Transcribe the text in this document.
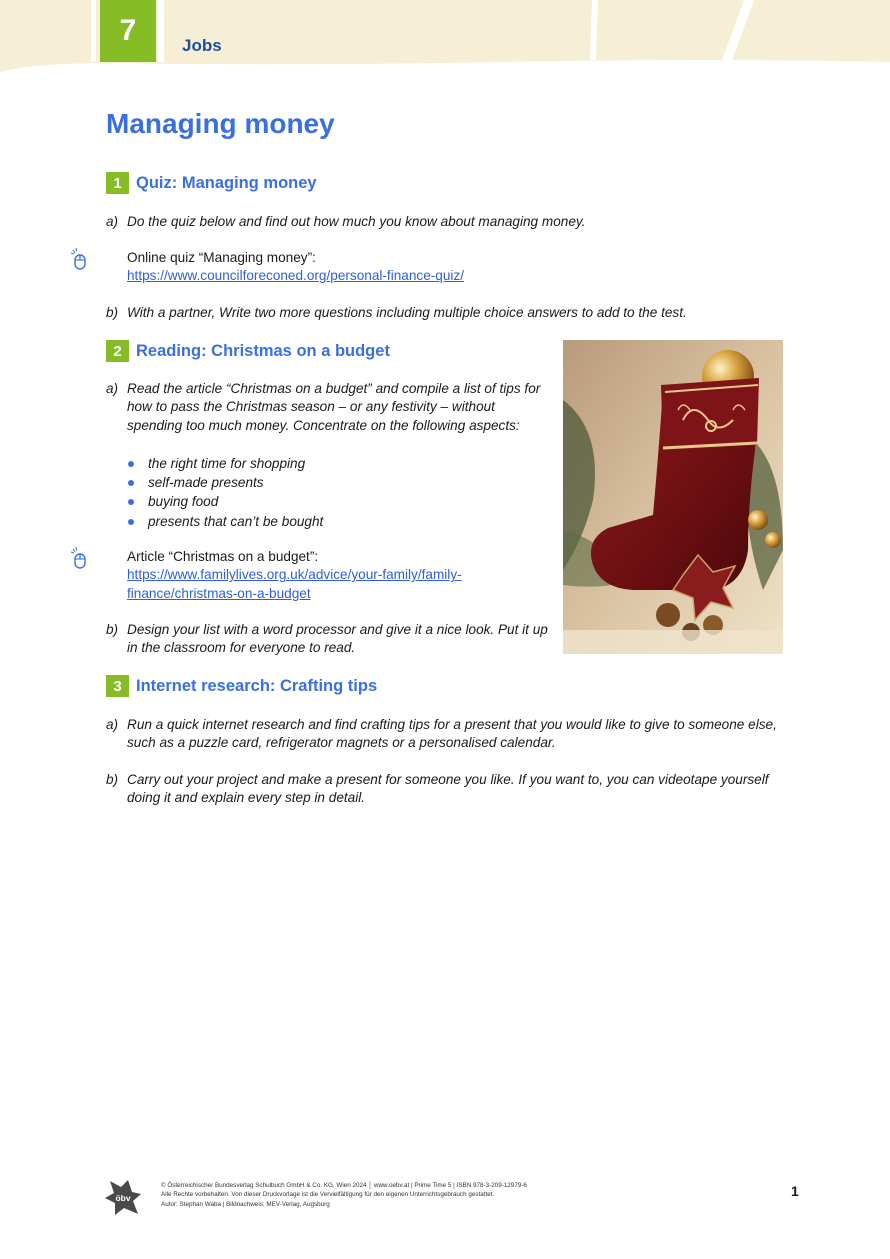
7	Jobs
Managing money
1 Quiz: Managing money
a) Do the quiz below and find out how much you know about managing money.
Online quiz “Managing money”:
https://www.councilforeconed.org/personal-finance-quiz/
b) With a partner, Write two more questions including multiple choice answers to add to the test.
2 Reading: Christmas on a budget
a) Read the article “Christmas on a budget” and compile a list of tips for how to pass the Christmas season – or any festivity – without spending too much money. Concentrate on the following aspects:
the right time for shopping
self-made presents
buying food
presents that can’t be bought
Article “Christmas on a budget”:
https://www.familylives.org.uk/advice/your-family/family-
finance/christmas-on-a-budget
b) Design your list with a word processor and give it a nice look. Put it up in the classroom for everyone to read.
3 Internet research: Crafting tips
a) Run a quick internet research and find crafting tips for a present that you would like to give to someone else, such as a puzzle card, refrigerator magnets or a personalised calendar.
b) Carry out your project and make a present for someone you like. If you want to, you can videotape yourself doing it and explain every step in detail.
öbv
© Österreichischer Bundesverlag Schulbuch GmbH & Co. KG, Wien 2024 │ www.oebv.at | Prime Time 5 | ISBN 978-3-209-12979-6
Alle Rechte vorbehalten. Von dieser Druckvorlage ist die Vervielfältigung für den eigenen Unterrichtsgebrauch gestattet.
Autor: Stephan Waba | Bildnachweis: MEV-Verlag, Augsburg
1
